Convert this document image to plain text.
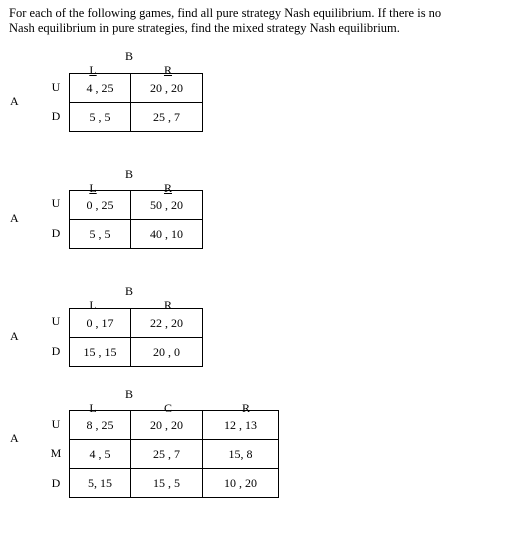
For each of the following games, find all pure strategy Nash equilibrium. If there is no
Nash equilibrium in pure strategies, find the mixed strategy Nash equilibrium.
B
L	R
A
U
D
4 , 25	20 , 20
5 , 5	25 , 7
B
L	R
A
U
D
0 , 25	50 , 20
5 , 5	40 , 10
B
L	R
A
U
D
0 , 17	22 , 20
15 , 15	20 , 0
B
L	C	R
A
U
M
D
8 , 25	20 , 20	12 , 13
4 , 5	25 , 7	15, 8
5, 15	15 , 5	10 , 20
